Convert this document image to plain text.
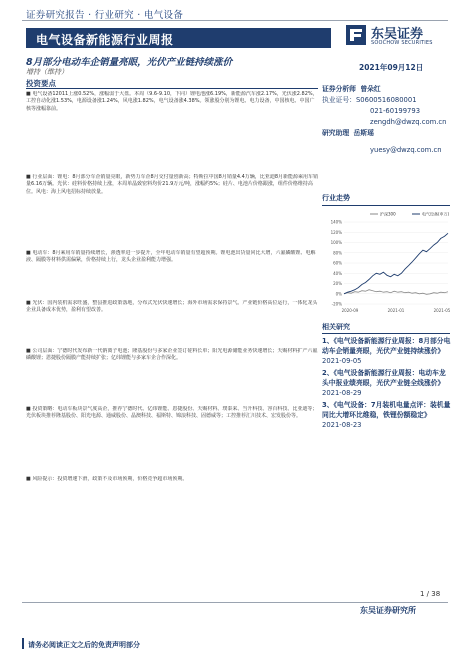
证券研究报告 · 行业研究 · 电气设备
电气设备新能源行业周报	东吴证券
SOOCHOW SECURITIES
8月部分电动车企销量亮眼，光伏产业链持续涨价
增持（维持）
投资要点
■ 电气设备12011上涨0.52%，涨幅弱于大盘。本周（9.6-9.10，下同）锂电池涨6.19%，新能源汽车涨2.17%，光伏涨2.82%，工控自动化涨1.53%，电源设备涨1.24%，风电涨1.82%，电气设备涨4.38%。领涨股分别为锂电、电力设备，中国核电、中国广核等涨幅靠前。
■ 行业层面：锂电：8月部分车企销量亮眼，新势力车企8月交付量创新高；特斯拉中国8月销量4.4万辆，比亚迪8月新能源乘用车销量6.16万辆。光伏：硅料价格持续上涨，本周单晶致密料均价21.9万元/吨，涨幅约5%；硅片、电池片价格跟涨，组件价格维持高位。风电：海上风电招标持续放量。
■ 电动车：8月乘用车销量持续增长，渗透率进一步提升，全年电动车销量有望超预期。锂电池出货量同比大增，六氟磷酸锂、电解液、隔膜等材料供需偏紧，价格持续上行，龙头企业盈利能力增强。
■ 光伏：国内装机需求旺盛，整县推进政策落地，分布式光伏快速增长；海外市场需求保持景气。产业链价格高位运行，一体化龙头企业具备成本优势，盈利有望改善。
■ 公司层面：宁德时代发布新一代钠离子电池；隆基股份与多家企业签订硅料长单；阳光电源储能业务快速增长；天赐材料扩产六氟磷酸锂；恩捷股份隔膜产能持续扩张；亿纬锂能与多家车企合作深化。
■ 投资策略：电动车板块景气度高企，推荐宁德时代、亿纬锂能、恩捷股份、天赐材料、璞泰来、当升科技、容百科技、比亚迪等；光伏板块推荐隆基股份、阳光电源、通威股份、晶澳科技、福斯特、锦浪科技、固德威等；工控推荐汇川技术、宏发股份等。
■ 风险提示：投资增速下滑，政策不及市场预期，价格竞争超市场预期。
2021年09月12日
证券分析师 曾朵红
执业证号：S0600516080001
021-60199793
zengdh@dwzq.com.cn
研究助理 岳斯瑶
yuesy@dwzq.com.cn
行业走势
140%
120%
100%
80%
60%
40%
20%
0%
-20%
2020-09	2021-01	2021-05
沪深300	电气设备(申万)
相关研究
1、《电气设备新能源行业周报：8月部分电动车企销量亮眼，光伏产业链持续涨价》
2021-09-05
2、《电气设备新能源行业周报：电动车龙头中报业绩亮眼，光伏产业链全线涨价》
2021-08-29
3、《电气设备：7月装机电量点评：装机量同比大增环比维稳，铁锂份额稳定》
2021-08-23
1 / 38
东吴证券研究所
请务必阅读正文之后的免责声明部分
